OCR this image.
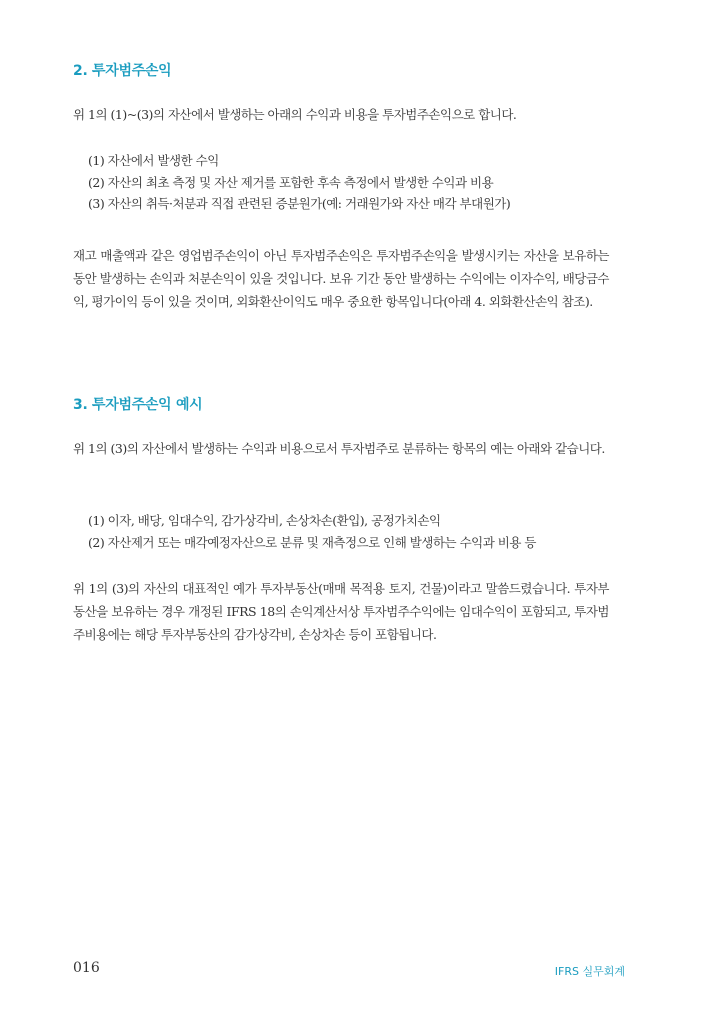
2. 투자범주손익

위 1의 (1)~(3)의 자산에서 발생하는 아래의 수익과 비용을 투자범주손익으로 합니다.

(1) 자산에서 발생한 수익
(2) 자산의 최초 측정 및 자산 제거를 포함한 후속 측정에서 발생한 수익과 비용
(3) 자산의 취득·처분과 직접 관련된 증분원가(예: 거래원가와 자산 매각 부대원가)

재고 매출액과 같은 영업범주손익이 아닌 투자범주손익은 투자범주손익을 발생시키는 자산을 보유하는 동안 발생하는 손익과 처분손익이 있을 것입니다. 보유 기간 동안 발생하는 수익에는 이자수익, 배당금수익, 평가이익 등이 있을 것이며, 외화환산이익도 매우 중요한 항목입니다(아래 4. 외화환산손익 참조).

3. 투자범주손익 예시

위 1의 (3)의 자산에서 발생하는 수익과 비용으로서 투자범주로 분류하는 항목의 예는 아래와 같습니다.

(1) 이자, 배당, 임대수익, 감가상각비, 손상차손(환입), 공정가치손익
(2) 자산제거 또는 매각예정자산으로 분류 및 재측정으로 인해 발생하는 수익과 비용 등

위 1의 (3)의 자산의 대표적인 예가 투자부동산(매매 목적용 토지, 건물)이라고 말씀드렸습니다. 투자부동산을 보유하는 경우 개정된 IFRS 18의 손익계산서상 투자범주수익에는 임대수익이 포함되고, 투자범주비용에는 해당 투자부동산의 감가상각비, 손상차손 등이 포함됩니다.

016	IFRS 실무회계
